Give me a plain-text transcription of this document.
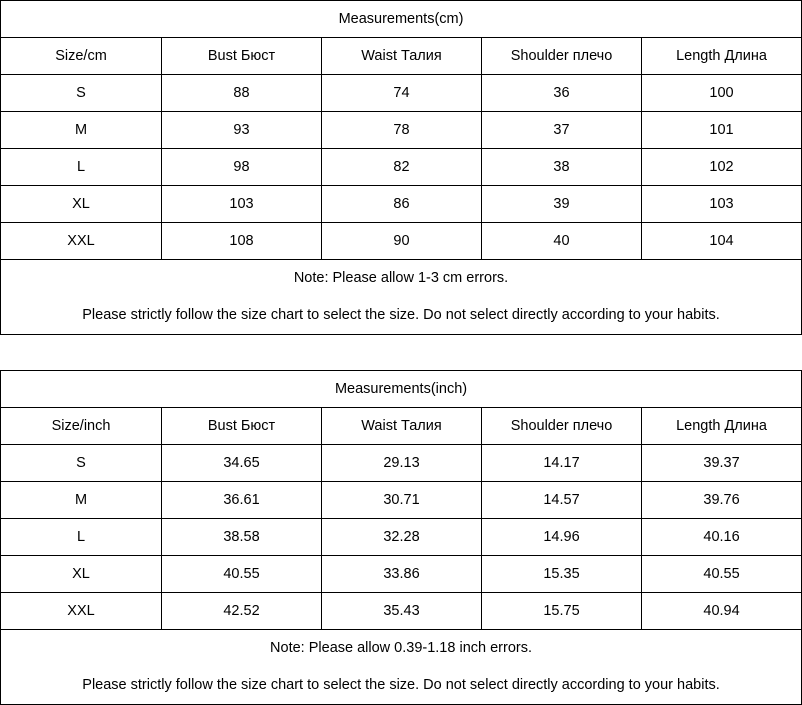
Measurements(cm)				
Size/cm	Bust Бюст	Waist Талия	Shoulder плечо	Length Длина
S	88	74	36	100
M	93	78	37	101
L	98	82	38	102
XL	103	86	39	103
XXL	108	90	40	104

Note: Please allow 1-3 cm errors.
Please strictly follow the size chart to select the size. Do not select directly according to your habits.				
Measurements(inch)				
Size/inch	Bust Бюст	Waist Талия	Shoulder плечо	Length Длина
S	34.65	29.13	14.17	39.37
M	36.61	30.71	14.57	39.76
L	38.58	32.28	14.96	40.16
XL	40.55	33.86	15.35	40.55
XXL	42.52	35.43	15.75	40.94

Note: Please allow 0.39-1.18 inch errors.
Please strictly follow the size chart to select the size. Do not select directly according to your habits.				
